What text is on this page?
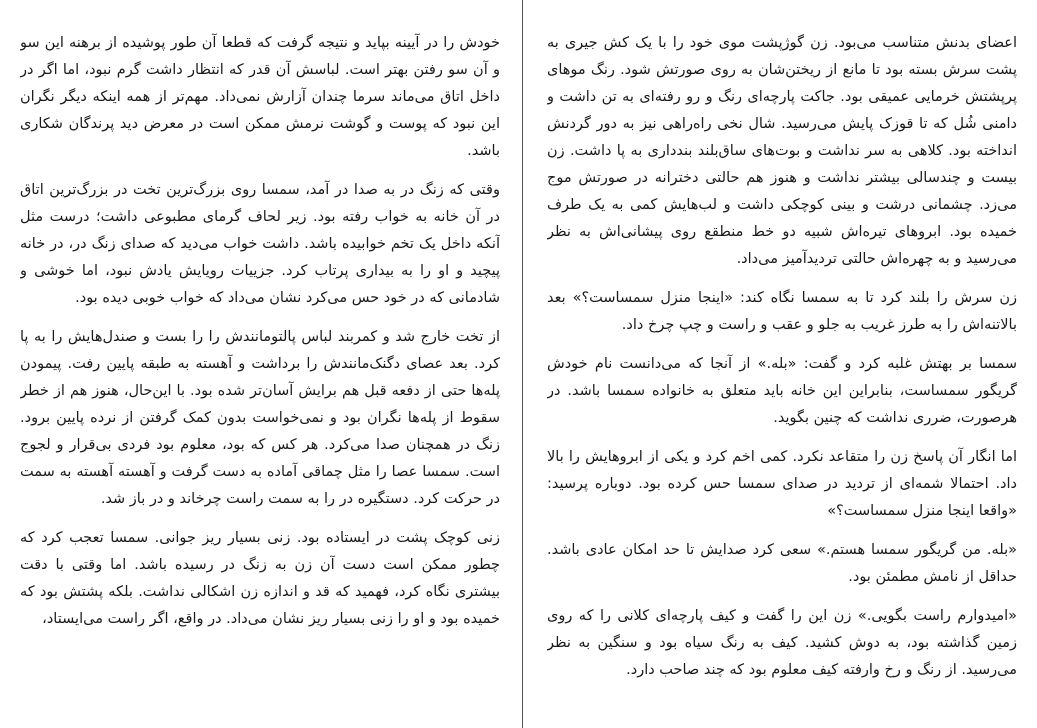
خودش را در آیینه بپاید و نتیجه گرفت که قطعا آن طور پوشیده از برهنه این سو و آن سو رفتن بهتر است. لباسش آن قدر که انتظار داشت گرم نبود، اما اگر در داخل اتاق می‌ماند سرما چندان آزارش نمی‌داد. مهم‌تر از همه اینکه دیگر نگران این نبود که پوست و گوشت نرمش ممکن است در معرض دید پرندگان شکاری باشد.

وقتی که زنگ در به صدا در آمد، سمسا روی بزرگ‌ترین تخت در بزرگ‌ترین اتاق در آن خانه به خواب رفته بود. زیر لحاف گرمای مطبوعی داشت؛ درست مثل آنکه داخل یک تخم خوابیده باشد. داشت خواب می‌دید که صدای زنگ در، در خانه پیچید و او را به بیداری پرتاب کرد. جزییات رویایش یادش نبود، اما خوشی و شادمانی که در خود حس می‌کرد نشان می‌داد که خواب خوبی دیده بود.

از تخت خارج شد و کمربند لباس پالتومانندش را را بست و صندل‌هایش را به پا کرد. بعد عصای دگنک‌مانندش را برداشت و آهسته به طبقه پایین رفت. پیمودن پله‌ها حتی از دفعه قبل هم برایش آسان‌تر شده بود. با این‌حال، هنوز هم از خطر سقوط از پله‌ها نگران بود و نمی‌خواست بدون کمک گرفتن از نرده پایین برود. زنگ در همچنان صدا می‌کرد. هر کس که بود، معلوم بود فردی بی‌قرار و لجوج است. سمسا عصا را مثل چماقی آماده به دست گرفت و آهسته آهسته به سمت در حرکت کرد. دستگیره در را به سمت راست چرخاند و در باز شد.

زنی کوچک پشت در ایستاده بود. زنی بسیار ریز جوانی. سمسا تعجب کرد که چطور ممکن است دست آن زن به زنگ در رسیده باشد. اما وقتی با دقت بیشتری نگاه کرد، فهمید که قد و اندازه زن اشکالی نداشت. بلکه پشتش بود که خمیده بود و او را زنی بسیار ریز نشان می‌داد. در واقع، اگر راست می‌ایستاد،

اعضای بدنش متناسب می‌بود. زن گوژپشت موی خود را با یک کش جیری به پشت سرش بسته بود تا مانع از ریختن‌شان به روی صورتش شود. رنگ موهای پرپشتش خرمایی عمیقی بود. جاکت پارچه‌ای رنگ و رو رفته‌ای به تن داشت و دامنی شُل که تا قوزک پایش می‌رسید. شال نخی راه‌راهی نیز به دور گردنش انداخته بود. کلاهی به سر نداشت و بوت‌های ساق‌بلند بندداری به پا داشت. زن بیست و چندسالی بیشتر نداشت و هنوز هم حالتی دخترانه در صورتش موج می‌زد. چشمانی درشت و بینی کوچکی داشت و لب‌هایش کمی به یک طرف خمیده بود. ابروهای تیره‌اش شبیه دو خط منطقع روی پیشانی‌اش به نظر می‌رسید و به چهره‌اش حالتی تردیدآمیز می‌داد.

زن سرش را بلند کرد تا به سمسا نگاه کند: «اینجا منزل سمساست؟» بعد بالاتنه‌اش را به طرز غریب به جلو و عقب و راست و چپ چرخ داد.

سمسا بر بهتش غلبه کرد و گفت: «بله.» از آنجا که می‌دانست نام خودش گریگور سمساست، بنابراین این خانه باید متعلق به خانواده سمسا باشد. در هرصورت، ضرری نداشت که چنین بگوید.

اما انگار آن پاسخ زن را متقاعد نکرد. کمی اخم کرد و یکی از ابروهایش را بالا داد. احتمالا شمه‌ای از تردید در صدای سمسا حس کرده بود. دوباره پرسید: «واقعا اینجا منزل سمساست؟»

«بله. من گریگور سمسا هستم.» سعی کرد صدایش تا حد امکان عادی باشد. حداقل از نامش مطمئن بود.

«امیدوارم راست بگویی.» زن این را گفت و کیف پارچه‌ای کلانی را که روی زمین گذاشته بود، به دوش کشید. کیف به رنگ سیاه بود و سنگین به نظر می‌رسید. از رنگ و رخ وارفته کیف معلوم بود که چند صاحب دارد.
